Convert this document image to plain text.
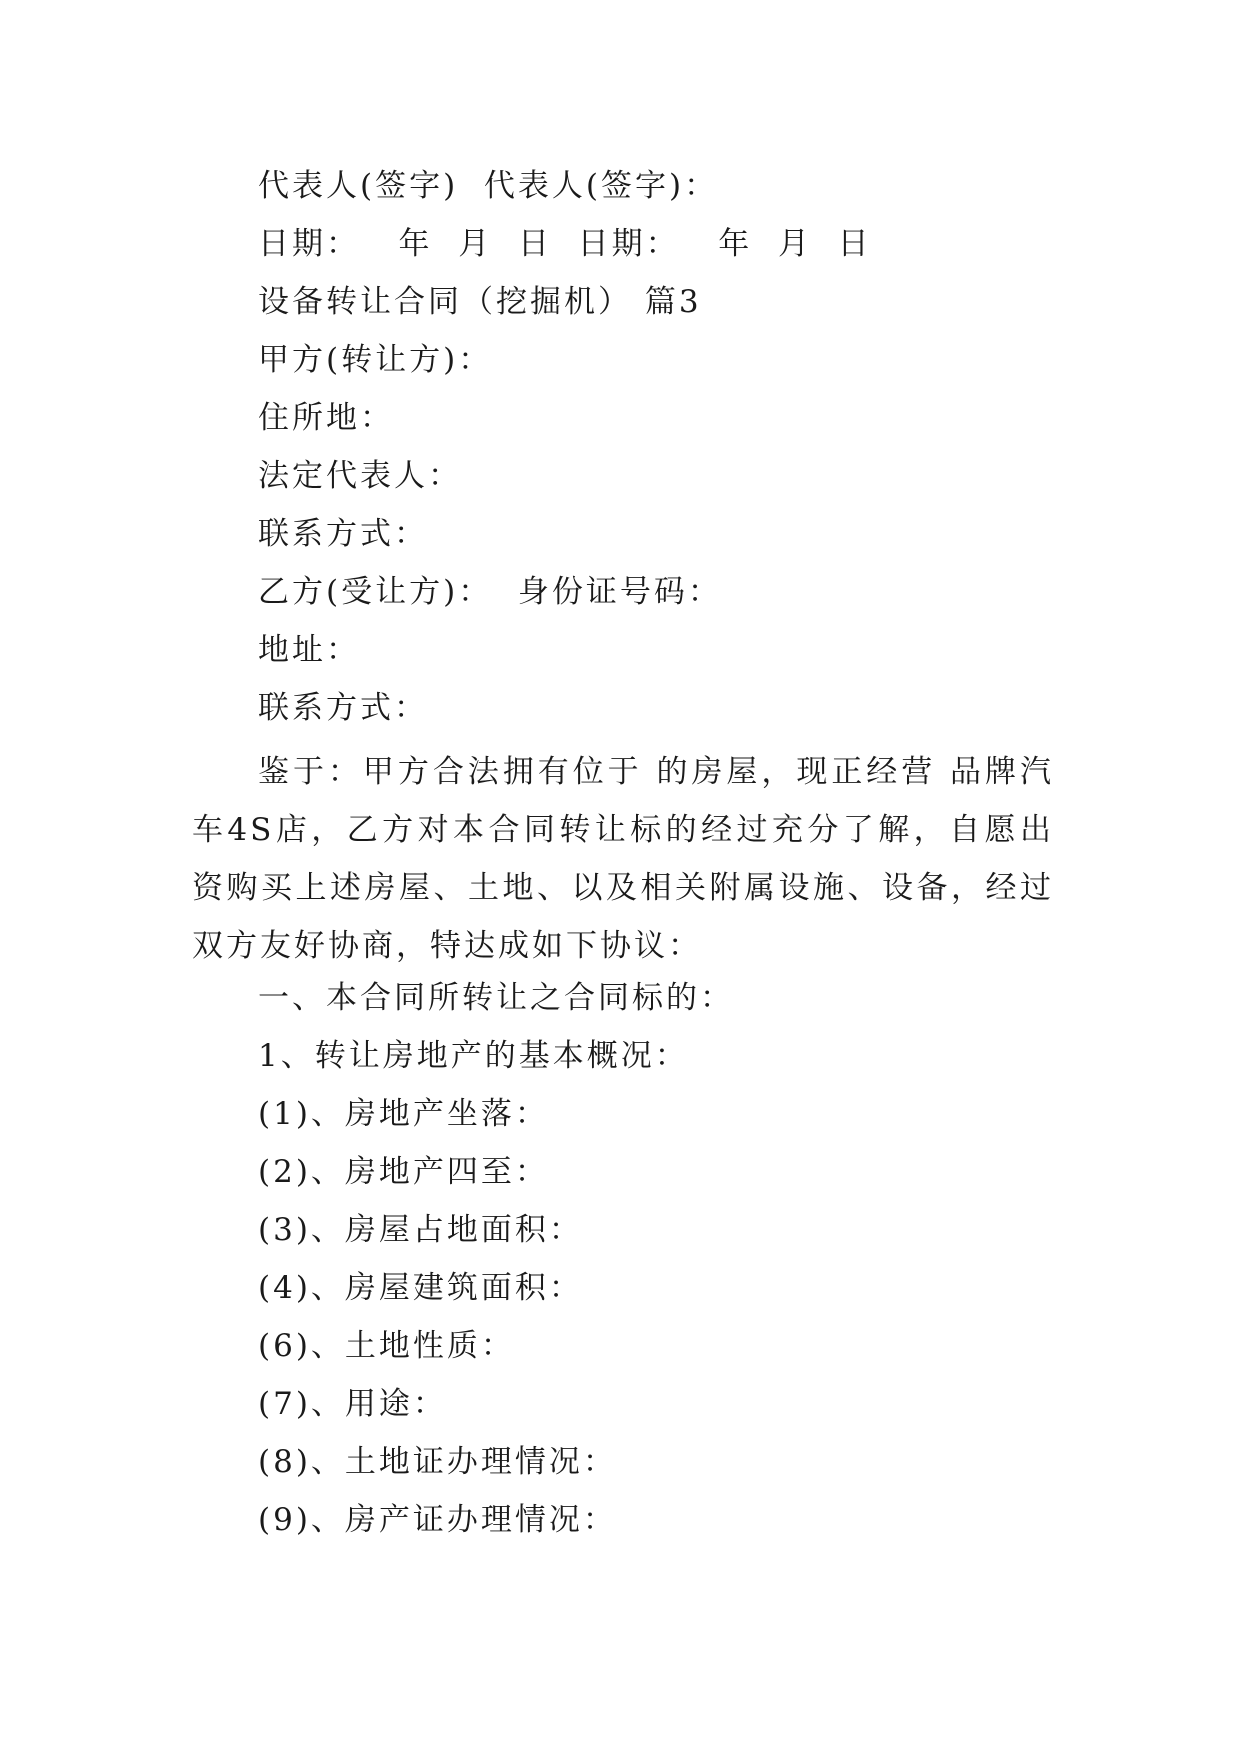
代表人(签字)  代表人(签字)：

日期：   年  月  日  日期：   年  月  日

设备转让合同（挖掘机） 篇3

甲方(转让方)：

住所地：

法定代表人：

联系方式：

乙方(受让方)：  身份证号码：

地址：

联系方式：

鉴于：甲方合法拥有位于 的房屋，现正经营 品牌汽车4S店，乙方对本合同转让标的经过充分了解，自愿出资购买上述房屋、土地、以及相关附属设施、设备，经过双方友好协商，特达成如下协议：

一、本合同所转让之合同标的：

1、转让房地产的基本概况：

(1)、房地产坐落：

(2)、房地产四至：

(3)、房屋占地面积：

(4)、房屋建筑面积：

(6)、土地性质：

(7)、用途：

(8)、土地证办理情况：

(9)、房产证办理情况：
